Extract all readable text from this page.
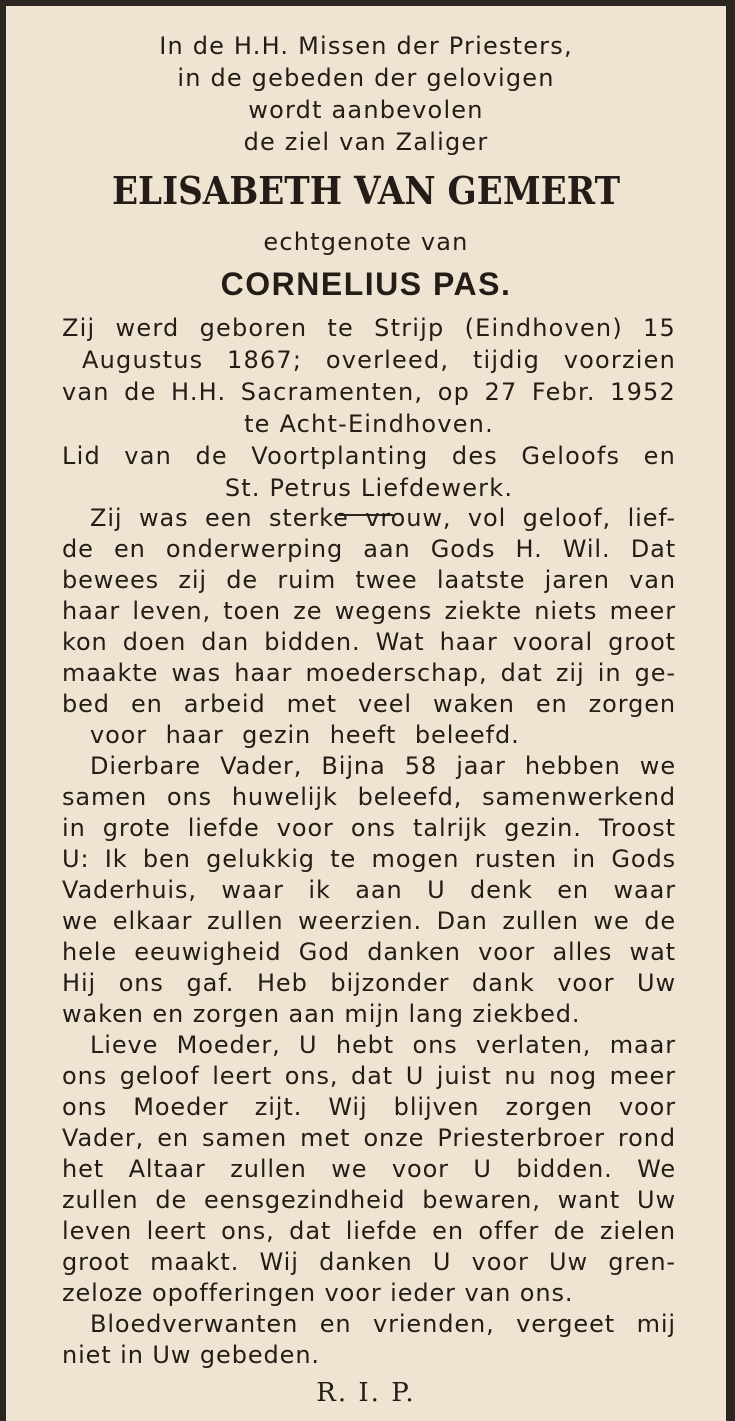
In de H.H. Missen der Priesters,
in de gebeden der gelovigen
wordt aanbevolen
de ziel van Zaliger
ELISABETH VAN GEMERT
echtgenote van
CORNELIUS PAS.
Zij werd geboren te Strijp (Eindhoven) 15
Augustus 1867; overleed, tijdig voorzien
van de H.H. Sacramenten, op 27 Febr. 1952
te Acht-Eindhoven.
Lid van de Voortplanting des Geloofs en
St. Petrus Liefdewerk.
Zij was een sterke vrouw, vol geloof, lief-
de en onderwerping aan Gods H. Wil. Dat
bewees zij de ruim twee laatste jaren van
haar leven, toen ze wegens ziekte niets meer
kon doen dan bidden. Wat haar vooral groot
maakte was haar moederschap, dat zij in ge-
bed en arbeid met veel waken en zorgen
voor haar gezin heeft beleefd.
Dierbare Vader, Bijna 58 jaar hebben we
samen ons huwelijk beleefd, samenwerkend
in grote liefde voor ons talrijk gezin. Troost
U: Ik ben gelukkig te mogen rusten in Gods
Vaderhuis, waar ik aan U denk en waar
we elkaar zullen weerzien. Dan zullen we de
hele eeuwigheid God danken voor alles wat
Hij ons gaf. Heb bijzonder dank voor Uw
waken en zorgen aan mijn lang ziekbed.
Lieve Moeder, U hebt ons verlaten, maar
ons geloof leert ons, dat U juist nu nog meer
ons Moeder zijt. Wij blijven zorgen voor
Vader, en samen met onze Priesterbroer rond
het Altaar zullen we voor U bidden. We
zullen de eensgezindheid bewaren, want Uw
leven leert ons, dat liefde en offer de zielen
groot maakt. Wij danken U voor Uw gren-
zeloze opofferingen voor ieder van ons.
Bloedverwanten en vrienden, vergeet mij
niet in Uw gebeden.
R. I. P.
